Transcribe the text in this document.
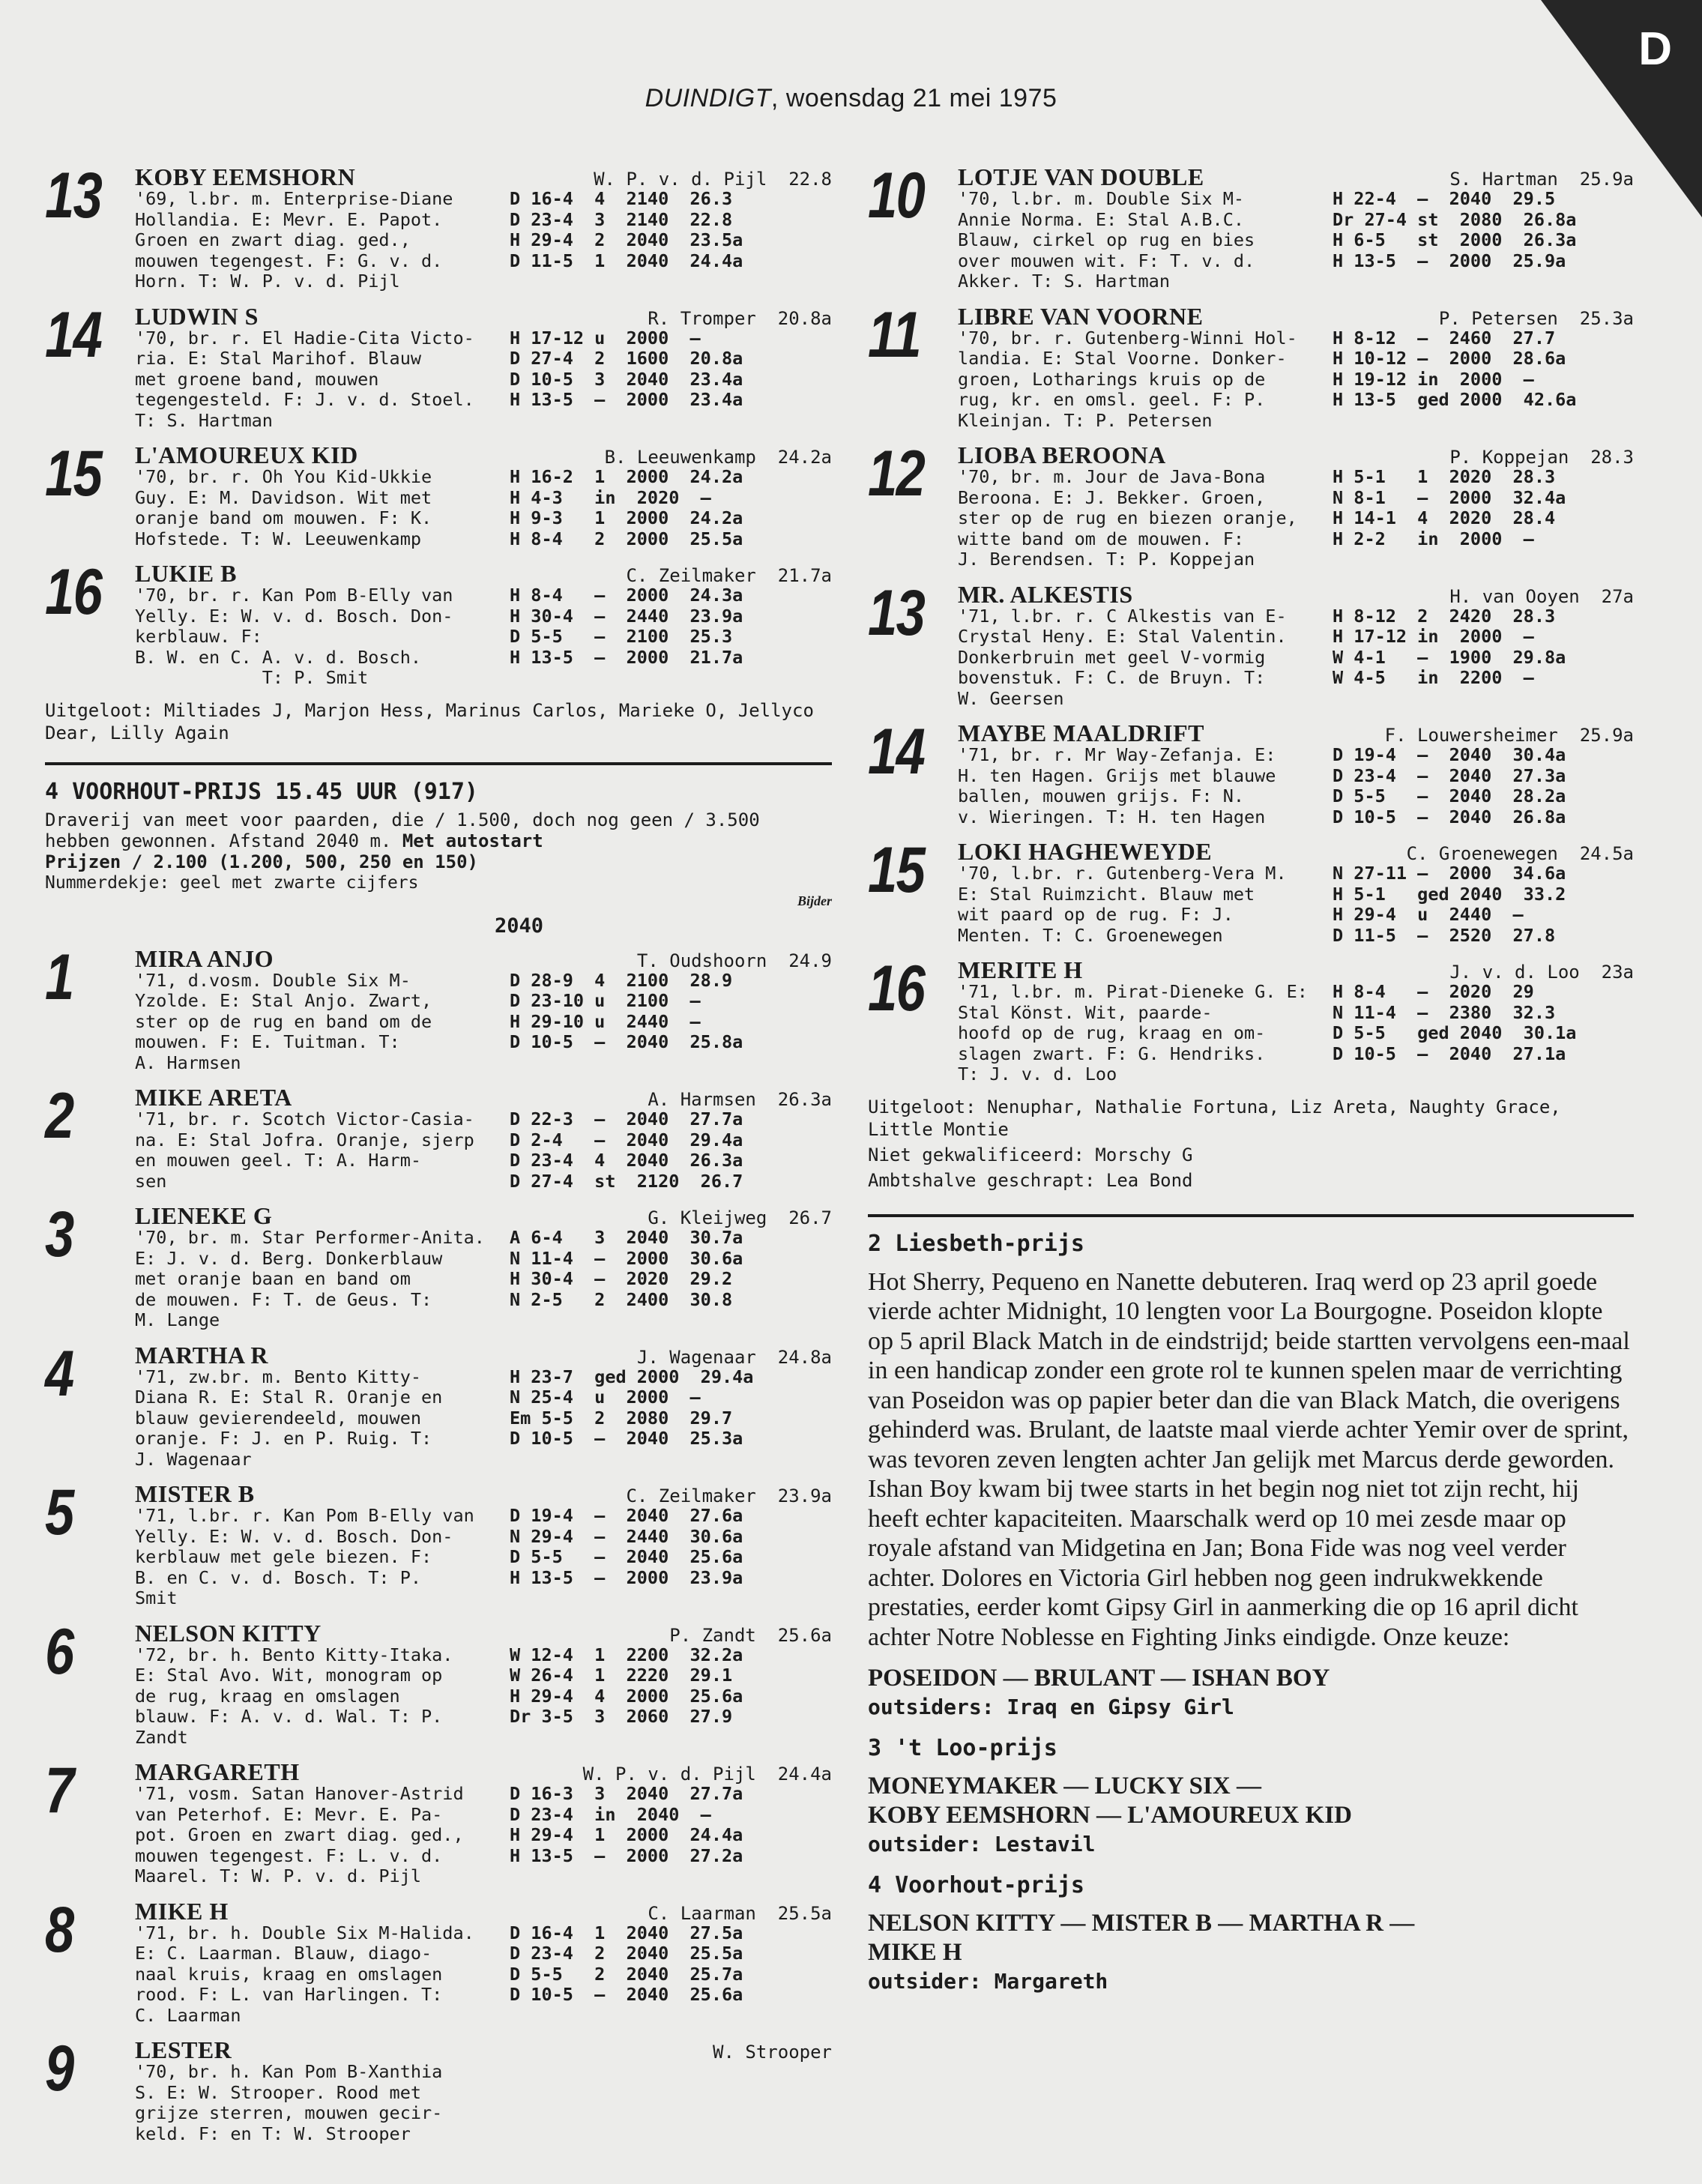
D
DUINDIGT, woensdag 21 mei 1975
13 KOBY EEMSHORN	W. P. v. d. Pijl  22.8
'69, l.br. m. Enterprise-Diane
Hollandia. E: Mevr. E. Papot.
Groen en zwart diag. ged.,
mouwen tegengest. F: G. v. d.
Horn. T: W. P. v. d. Pijl
D 16-4  4  2140  26.3
D 23-4  3  2140  22.8
H 29-4  2  2040  23.5a
D 11-5  1  2040  24.4a
14 LUDWIN S	R. Tromper  20.8a
'70, br. r. El Hadie-Cita Victo-
ria. E: Stal Marihof. Blauw
met groene band, mouwen
tegengesteld. F: J. v. d. Stoel.
T: S. Hartman
H 17-12 u  2000  —
D 27-4  2  1600  20.8a
D 10-5  3  2040  23.4a
H 13-5  —  2000  23.4a
15 L'AMOUREUX KID	B. Leeuwenkamp  24.2a
'70, br. r. Oh You Kid-Ukkie
Guy. E: M. Davidson. Wit met
oranje band om mouwen. F: K.
Hofstede. T: W. Leeuwenkamp
H 16-2  1  2000  24.2a
H 4-3   in  2020  —
H 9-3   1  2000  24.2a
H 8-4   2  2000  25.5a
16 LUKIE B	C. Zeilmaker  21.7a
'70, br. r. Kan Pom B-Elly van
Yelly. E: W. v. d. Bosch. Don-
kerblauw. F:
B. W. en C. A. v. d. Bosch.
T: P. Smit
H 8-4   —  2000  24.3a
H 30-4  —  2440  23.9a
D 5-5   —  2100  25.3
H 13-5  —  2000  21.7a
Uitgeloot: Miltiades J, Marjon Hess, Marinus Carlos, Marieke O, Jellyco Dear, Lilly Again
4 VOORHOUT-PRIJS 15.45 UUR (917)
Draverij van meet voor paarden, die / 1.500, doch nog geen / 3.500 hebben gewonnen. Afstand 2040 m. Met autostart
Prijzen / 2.100 (1.200, 500, 250 en 150)
Nummerdekje: geel met zwarte cijfers
Bijder
2040
1	MIRA ANJO	T. Oudshoorn  24.9
'71, d.vosm. Double Six M-
Yzolde. E: Stal Anjo. Zwart,
ster op de rug en band om de
mouwen. F: E. Tuitman. T:
A. Harmsen
D 28-9  4  2100  28.9
D 23-10 u  2100  —
H 29-10 u  2440  —
D 10-5  —  2040  25.8a
2	MIKE ARETA	A. Harmsen  26.3a
'71, br. r. Scotch Victor-Casia-
na. E: Stal Jofra. Oranje, sjerp
en mouwen geel. T: A. Harm-
sen
D 22-3  —  2040  27.7a
D 2-4   —  2040  29.4a
D 23-4  4  2040  26.3a
D 27-4  st  2120  26.7
3	LIENEKE G	G. Kleijweg  26.7
'70, br. m. Star Performer-Anita.
E: J. v. d. Berg. Donkerblauw
met oranje baan en band om
de mouwen. F: T. de Geus. T:
M. Lange
A 6-4   3  2040  30.7a
N 11-4  —  2000  30.6a
H 30-4  —  2020  29.2
N 2-5   2  2400  30.8
4	MARTHA R	J. Wagenaar  24.8a
'71, zw.br. m. Bento Kitty-
Diana R. E: Stal R. Oranje en
blauw gevierendeeld, mouwen
oranje. F: J. en P. Ruig. T:
J. Wagenaar
H 23-7  ged 2000  29.4a
N 25-4  u  2000  —
Em 5-5  2  2080  29.7
D 10-5  —  2040  25.3a
5	MISTER B	C. Zeilmaker  23.9a
'71, l.br. r. Kan Pom B-Elly van
Yelly. E: W. v. d. Bosch. Don-
kerblauw met gele biezen. F:
B. en C. v. d. Bosch. T: P.
Smit
D 19-4  —  2040  27.6a
N 29-4  —  2440  30.6a
D 5-5   —  2040  25.6a
H 13-5  —  2000  23.9a
6	NELSON KITTY	P. Zandt  25.6a
'72, br. h. Bento Kitty-Itaka.
E: Stal Avo. Wit, monogram op
de rug, kraag en omslagen
blauw. F: A. v. d. Wal. T: P.
Zandt
W 12-4  1  2200  32.2a
W 26-4  1  2220  29.1
H 29-4  4  2000  25.6a
Dr 3-5  3  2060  27.9
7	MARGARETH	W. P. v. d. Pijl  24.4a
'71, vosm. Satan Hanover-Astrid
van Peterhof. E: Mevr. E. Pa-
pot. Groen en zwart diag. ged.,
mouwen tegengest. F: L. v. d.
Maarel. T: W. P. v. d. Pijl
D 16-3  3  2040  27.7a
D 23-4  in  2040  —
H 29-4  1  2000  24.4a
H 13-5  —  2000  27.2a
8	MIKE H	C. Laarman  25.5a
'71, br. h. Double Six M-Halida.
E: C. Laarman. Blauw, diago-
naal kruis, kraag en omslagen
rood. F: L. van Harlingen. T:
C. Laarman
D 16-4  1  2040  27.5a
D 23-4  2  2040  25.5a
D 5-5   2  2040  25.7a
D 10-5  —  2040  25.6a
9	LESTER	W. Strooper
'70, br. h. Kan Pom B-Xanthia
S. E: W. Strooper. Rood met
grijze sterren, mouwen gecir-
keld. F: en T: W. Strooper
10 LOTJE VAN DOUBLE	S. Hartman  25.9a
'70, l.br. m. Double Six M-
Annie Norma. E: Stal A.B.C.
Blauw, cirkel op rug en bies
over mouwen wit. F: T. v. d.
Akker. T: S. Hartman
H 22-4  —  2040  29.5
Dr 27-4 st  2080  26.8a
H 6-5   st  2000  26.3a
H 13-5  —  2000  25.9a
11 LIBRE VAN VOORNE	P. Petersen  25.3a
'70, br. r. Gutenberg-Winni Hol-
landia. E: Stal Voorne. Donker-
groen, Lotharings kruis op de
rug, kr. en omsl. geel. F: P.
Kleinjan. T: P. Petersen
H 8-12  —  2460  27.7
H 10-12 —  2000  28.6a
H 19-12 in  2000  —
H 13-5  ged 2000  42.6a
12 LIOBA BEROONA	P. Koppejan  28.3
'70, br. m. Jour de Java-Bona
Beroona. E: J. Bekker. Groen,
ster op de rug en biezen oranje,
witte band om de mouwen. F:
J. Berendsen. T: P. Koppejan
H 5-1   1  2020  28.3
N 8-1   —  2000  32.4a
H 14-1  4  2020  28.4
H 2-2   in  2000  —
13 MR. ALKESTIS	H. van Ooyen  27a
'71, l.br. r. C Alkestis van E-
Crystal Heny. E: Stal Valentin.
Donkerbruin met geel V-vormig
bovenstuk. F: C. de Bruyn. T:
W. Geersen
H 8-12  2  2420  28.3
H 17-12 in  2000  —
W 4-1   —  1900  29.8a
W 4-5   in  2200  —
14 MAYBE MAALDRIFT	F. Louwersheimer  25.9a
'71, br. r. Mr Way-Zefanja. E:
H. ten Hagen. Grijs met blauwe
ballen, mouwen grijs. F: N.
v. Wieringen. T: H. ten Hagen
D 19-4  —  2040  30.4a
D 23-4  —  2040  27.3a
D 5-5   —  2040  28.2a
D 10-5  —  2040  26.8a
15 LOKI HAGHEWEYDE	C. Groenewegen  24.5a
'70, l.br. r. Gutenberg-Vera M.
E: Stal Ruimzicht. Blauw met
wit paard op de rug. F: J.
Menten. T: C. Groenewegen
N 27-11 —  2000  34.6a
H 5-1   ged 2040  33.2
H 29-4  u  2440  —
D 11-5  —  2520  27.8
16 MERITE H	J. v. d. Loo  23a
'71, l.br. m. Pirat-Dieneke G. E:
Stal Könst. Wit, paarde-
hoofd op de rug, kraag en om-
slagen zwart. F: G. Hendriks.
T: J. v. d. Loo
H 8-4   —  2020  29
N 11-4  —  2380  32.3
D 5-5   ged 2040  30.1a
D 10-5  —  2040  27.1a
Uitgeloot: Nenuphar, Nathalie Fortuna, Liz Areta, Naughty Grace, Little Montie
Niet gekwalificeerd: Morschy G
Ambtshalve geschrapt: Lea Bond
2 Liesbeth-prijs
Hot Sherry, Pequeno en Nanette debuteren. Iraq werd op 23 april goede vierde achter Midnight, 10 lengten voor La Bourgogne. Poseidon klopte op 5 april Black Match in de eindstrijd; beide startten vervolgens een-maal in een handicap zonder een grote rol te kunnen spelen maar de verrichting van Poseidon was op papier beter dan die van Black Match, die overigens gehinderd was. Brulant, de laatste maal vierde achter Yemir over de sprint, was tevoren zeven lengten achter Jan gelijk met Marcus derde geworden. Ishan Boy kwam bij twee starts in het begin nog niet tot zijn recht, hij heeft echter kapaciteiten. Maarschalk werd op 10 mei zesde maar op royale afstand van Midgetina en Jan; Bona Fide was nog veel verder achter. Dolores en Victoria Girl hebben nog geen indrukwekkende prestaties, eerder komt Gipsy Girl in aanmerking die op 16 april dicht achter Notre Noblesse en Fighting Jinks eindigde. Onze keuze:
POSEIDON — BRULANT — ISHAN BOY
outsiders: Iraq en Gipsy Girl
3 't Loo-prijs
MONEYMAKER — LUCKY SIX —
KOBY EEMSHORN — L'AMOUREUX KID
outsider: Lestavil
4 Voorhout-prijs
NELSON KITTY — MISTER B — MARTHA R —
MIKE H
outsider: Margareth
